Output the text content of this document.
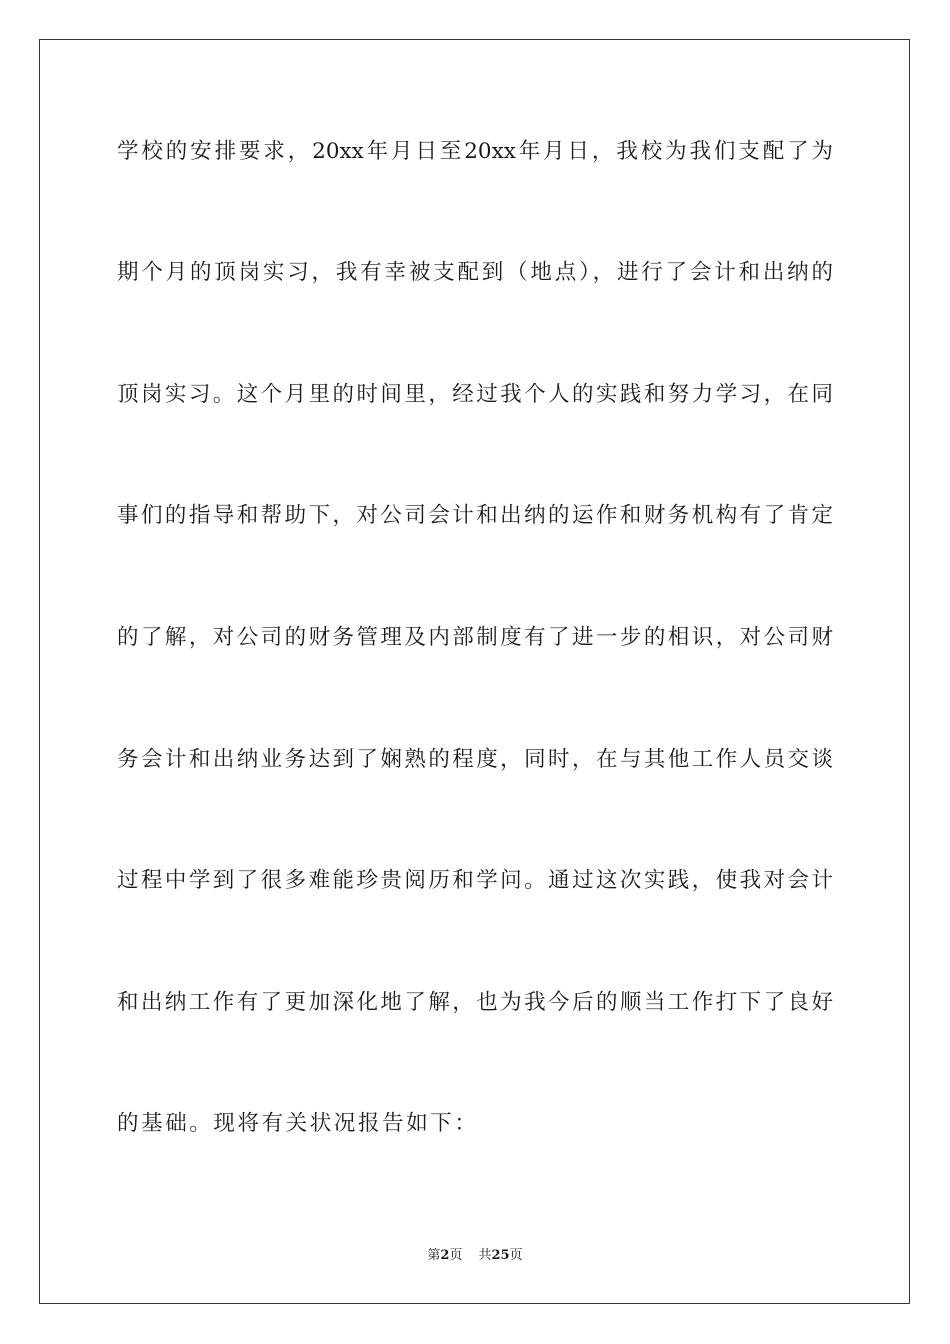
学校的安排要求，20xx年月日至20xx年月日，我校为我们支配了为
期个月的顶岗实习，我有幸被支配到（地点），进行了会计和出纳的
顶岗实习。这个月里的时间里，经过我个人的实践和努力学习，在同
事们的指导和帮助下，对公司会计和出纳的运作和财务机构有了肯定
的了解，对公司的财务管理及内部制度有了进一步的相识，对公司财
务会计和出纳业务达到了娴熟的程度，同时，在与其他工作人员交谈
过程中学到了很多难能珍贵阅历和学问。通过这次实践，使我对会计
和出纳工作有了更加深化地了解，也为我今后的顺当工作打下了良好
的基础。现将有关状况报告如下：
第2页 共25页
